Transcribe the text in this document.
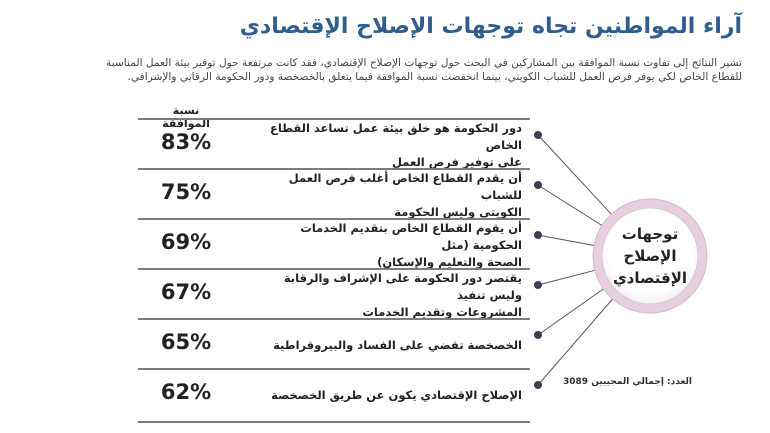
آراء المواطنين تجاه توجهات الإصلاح الإقتصادي
تشير النتائج إلى تفاوت نسبة الموافقة بين المشاركين في البحث حول توجهات الإصلاح الإقتصادي، فقد كانت مرتفعة حول توفير بيئة العمل المناسبة
للقطاع الخاص لكي يوفر فرص العمل للشباب الكويتي، بينما انخفضت نسبة الموافقة فيما يتعلق بالخصخصة ودور الحكومة الرقابي والإشرافي.
نسبة الموافقة
توجهات
الإصلاح
الإقتصادي
83%
دور الحكومة هو خلق بيئة عمل تساعد القطاع الخاص
على توفير فرص العمل
75%
أن يقدم القطاع الخاص أغلب فرص العمل للشباب
الكويتي وليس الحكومة
69%
أن يقوم القطاع الخاص بتقديم الخدمات الحكومية (مثل
الصحة والتعليم والإسكان)
67%
يقتصر دور الحكومة على الإشراف والرقابة وليس تنفيذ
المشروعات وتقديم الخدمات
65%	الخصخصة تقضي على الفساد والبيروقراطية
62%	الإصلاح الإقتصادي يكون عن طريق الخصخصة
العدد: إجمالي المجيبين 3089
